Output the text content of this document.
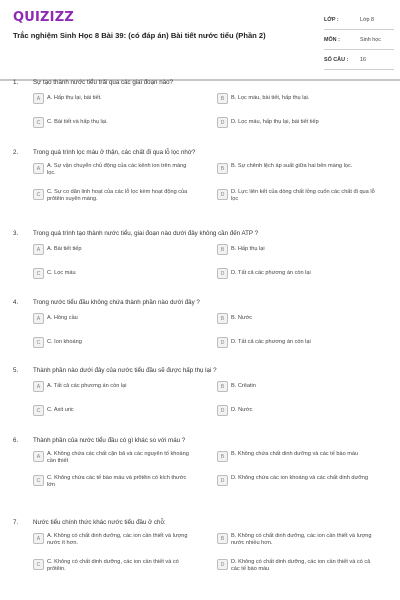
QUIZIZZ
Trắc nghiệm Sinh Học 8 Bài 39: (có đáp án) Bài tiết nước tiểu (Phần 2)
LỚP :	Lớp 8
MÔN :	Sinh học
SỐ CÂU :	16
1. Sự tạo thành nước tiểu trải qua các giai đoạn nào?
A	A. Hấp thụ lại, bài tiết.	B	B. Lọc máu, bài tiết, hấp thụ lại.
C	C. Bài tiết và hấp thụ lại.	D	D. Lọc máu, hấp thụ lại, bài tiết tiếp
2. Trong quá trình lọc máu ở thận, các chất đi qua lỗ lọc nhờ?
A	A. Sự vận chuyển chủ động của các kênh ion trên màng lọc.
B	B. Sự chênh lệch áp suất giữa hai bên màng lọc.
C	C. Sự co dãn linh hoạt của các lỗ lọc kèm hoạt động của prôtêin xuyên màng.
D	D. Lực liên kết của dòng chất lỏng cuốn các chất đi qua lỗ lọc
3. Trong quá trình tạo thành nước tiểu, giai đoạn nào dưới đây không cần đến ATP ?
A	A. Bài tiết tiếp	B	B. Hấp thụ lại
C	C. Lọc máu	D	D. Tất cả các phương án còn lại
4. Trong nước tiểu đầu không chứa thành phần nào dưới đây ?
A	A. Hồng cầu	B	B. Nước
C	C. Ion khoáng	D	D. Tất cả các phương án còn lại
5. Thành phần nào dưới đây của nước tiểu đầu sẽ được hấp thụ lại ?
A	A. Tất cả các phương án còn lại	B	B. Crêatin
C	C. Axit uric	D	D. Nước
6. Thành phần của nước tiểu đầu có gì khác so với máu ?
A	A. Không chứa các chất cặn bã và các nguyên tố khoáng cần thiết
B	B. Không chứa chất dinh dưỡng và các tế bào máu
C	C. Không chứa các tế bào máu và prôtêin có kích thước lớn
D	D. Không chứa các ion khoáng và các chất dinh dưỡng
7. Nước tiểu chính thức khác nước tiểu đầu ở chỗ:
A	A. Không có chất dinh dưỡng, các ion cần thiết và lượng nước ít hơn.
B	B. Không có chất dinh dưỡng, các ion cần thiết và lượng nước nhiều hơn.
C	C. Không có chất dinh dưỡng, các ion cần thiết và có prôtêin.
D	D. Không có chất dinh dưỡng, các ion cần thiết và có cả các tế bào máu
